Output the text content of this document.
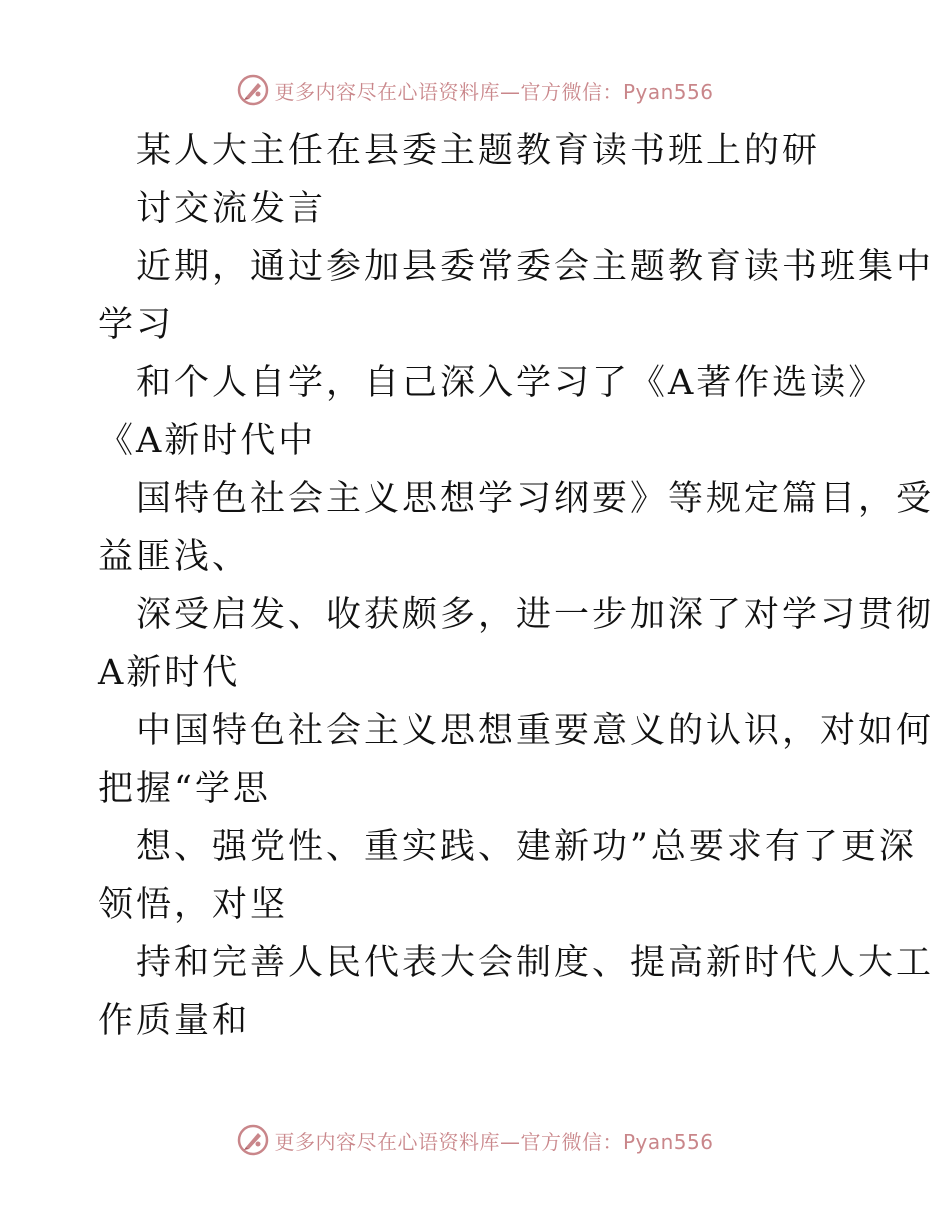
更多内容尽在心语资料库—官方微信：Pyan556
某人大主任在县委主题教育读书班上的研
讨交流发言
近期，通过参加县委常委会主题教育读书班集中
学习
和个人自学，自己深入学习了《A著作选读》
《A新时代中
国特色社会主义思想学习纲要》等规定篇目，受
益匪浅、
深受启发、收获颇多，进一步加深了对学习贯彻
A新时代
中国特色社会主义思想重要意义的认识，对如何
把握“学思
想、强党性、重实践、建新功”总要求有了更深
领悟，对坚
持和完善人民代表大会制度、提高新时代人大工
作质量和
更多内容尽在心语资料库—官方微信：Pyan556
